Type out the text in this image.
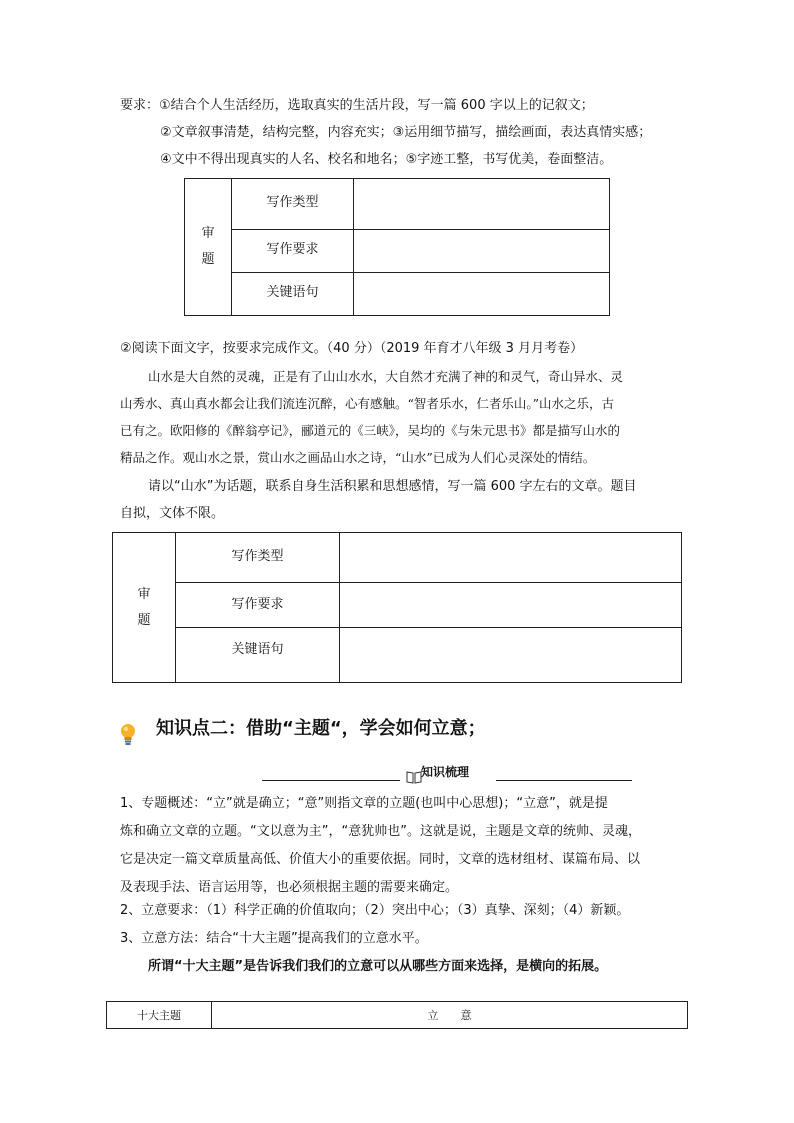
要求：①结合个人生活经历，选取真实的生活片段，写一篇 600 字以上的记叙文；
②文章叙事清楚，结构完整，内容充实；③运用细节描写，描绘画面，表达真情实感；
④文中不得出现真实的人名、校名和地名；⑤字迹工整，书写优美，卷面整洁。
审
题	写作类型	
	写作要求	
	关键语句	
②阅读下面文字，按要求完成作文。（40 分）（2019 年育才八年级 3 月月考卷）
山水是大自然的灵魂，正是有了山山水水，大自然才充满了神的和灵气，奇山异水、灵
山秀水、真山真水都会让我们流连沉醉，心有感触。“智者乐水，仁者乐山。”山水之乐，古
已有之。欧阳修的《醉翁亭记》，郦道元的《三峡》，吴均的《与朱元思书》都是描写山水的
精品之作。观山水之景，赏山水之画品山水之诗，“山水”已成为人们心灵深处的情结。
请以“山水”为话题，联系自身生活积累和思想感情，写一篇 600 字左右的文章。题目
自拟，文体不限。
审
题	写作类型	
	写作要求	
	关键语句	
知识点二：借助“主题“，学会如何立意；
知识梳理
1、专题概述：“立”就是确立；“意”则指文章的立题(也叫中心思想)；“立意”，就是提
炼和确立文章的立题。“文以意为主”，“意犹帅也”。这就是说，主题是文章的统帅、灵魂，
它是决定一篇文章质量高低、价值大小的重要依据。同时，文章的选材组材、谋篇布局、以
及表现手法、语言运用等，也必须根据主题的需要来确定。
2、立意要求：（1）科学正确的价值取向；（2）突出中心；（3）真挚、深刻；（4）新颖。
3、立意方法：结合“十大主题”提高我们的立意水平。
所谓“十大主题”是告诉我们我们的立意可以从哪些方面来选择，是横向的拓展。
十大主题	立　　意
